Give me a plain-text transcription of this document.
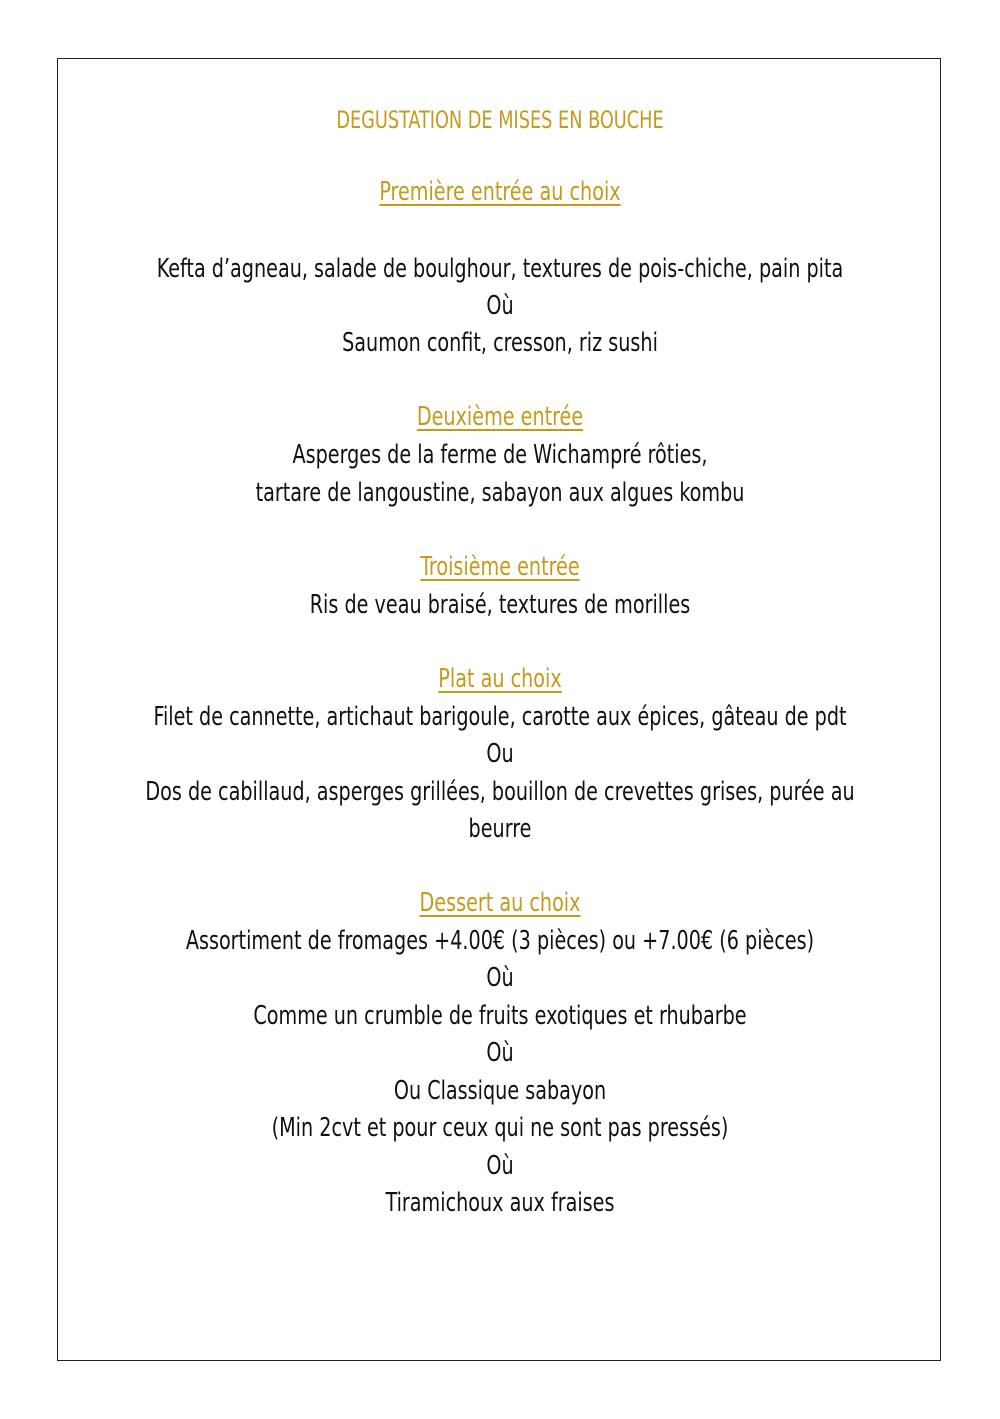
DEGUSTATION DE MISES EN BOUCHE
Première entrée au choix
Kefta d’agneau, salade de boulghour, textures de pois-chiche, pain pita
Où
Saumon confit, cresson, riz sushi
Deuxième entrée
Asperges de la ferme de Wichampré rôties,
tartare de langoustine, sabayon aux algues kombu
Troisième entrée
Ris de veau braisé, textures de morilles
Plat au choix
Filet de cannette, artichaut barigoule, carotte aux épices, gâteau de pdt
Ou
Dos de cabillaud, asperges grillées, bouillon de crevettes grises, purée au
beurre
Dessert au choix
Assortiment de fromages +4.00€ (3 pièces) ou +7.00€ (6 pièces)
Où
Comme un crumble de fruits exotiques et rhubarbe
Où
Ou Classique sabayon
(Min 2cvt et pour ceux qui ne sont pas pressés)
Où
Tiramichoux aux fraises
